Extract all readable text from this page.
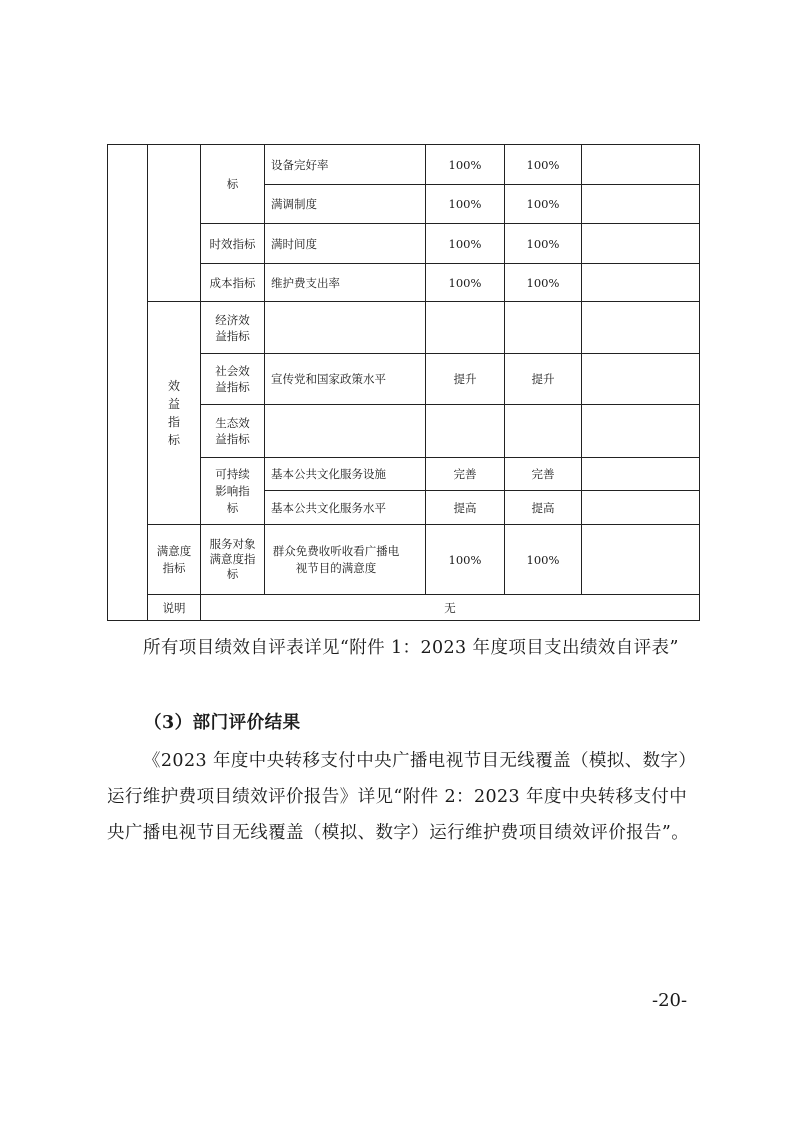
		标	设备完好率	100%	100%	
			满调制度	100%	100%	
		时效指标	满时间度	100%	100%	
		成本指标	维护费支出率	100%	100%	
	效益指标	经济效益指标				
		社会效益指标	宣传党和国家政策水平	提升	提升	
		生态效益指标				
		可持续影响指标	基本公共文化服务设施	完善	完善	
			基本公共文化服务水平	提高	提高	
	满意度指标	服务对象满意度指标	群众免费收听收看广播电视节目的满意度	100%	100%	
	说明	无				

所有项目绩效自评表详见“附件 1：2023 年度项目支出绩效自评表”

（3）部门评价结果

《2023 年度中央转移支付中央广播电视节目无线覆盖（模拟、数字）运行维护费项目绩效评价报告》详见“附件 2：2023 年度中央转移支付中央广播电视节目无线覆盖（模拟、数字）运行维护费项目绩效评价报告”。

-20-
